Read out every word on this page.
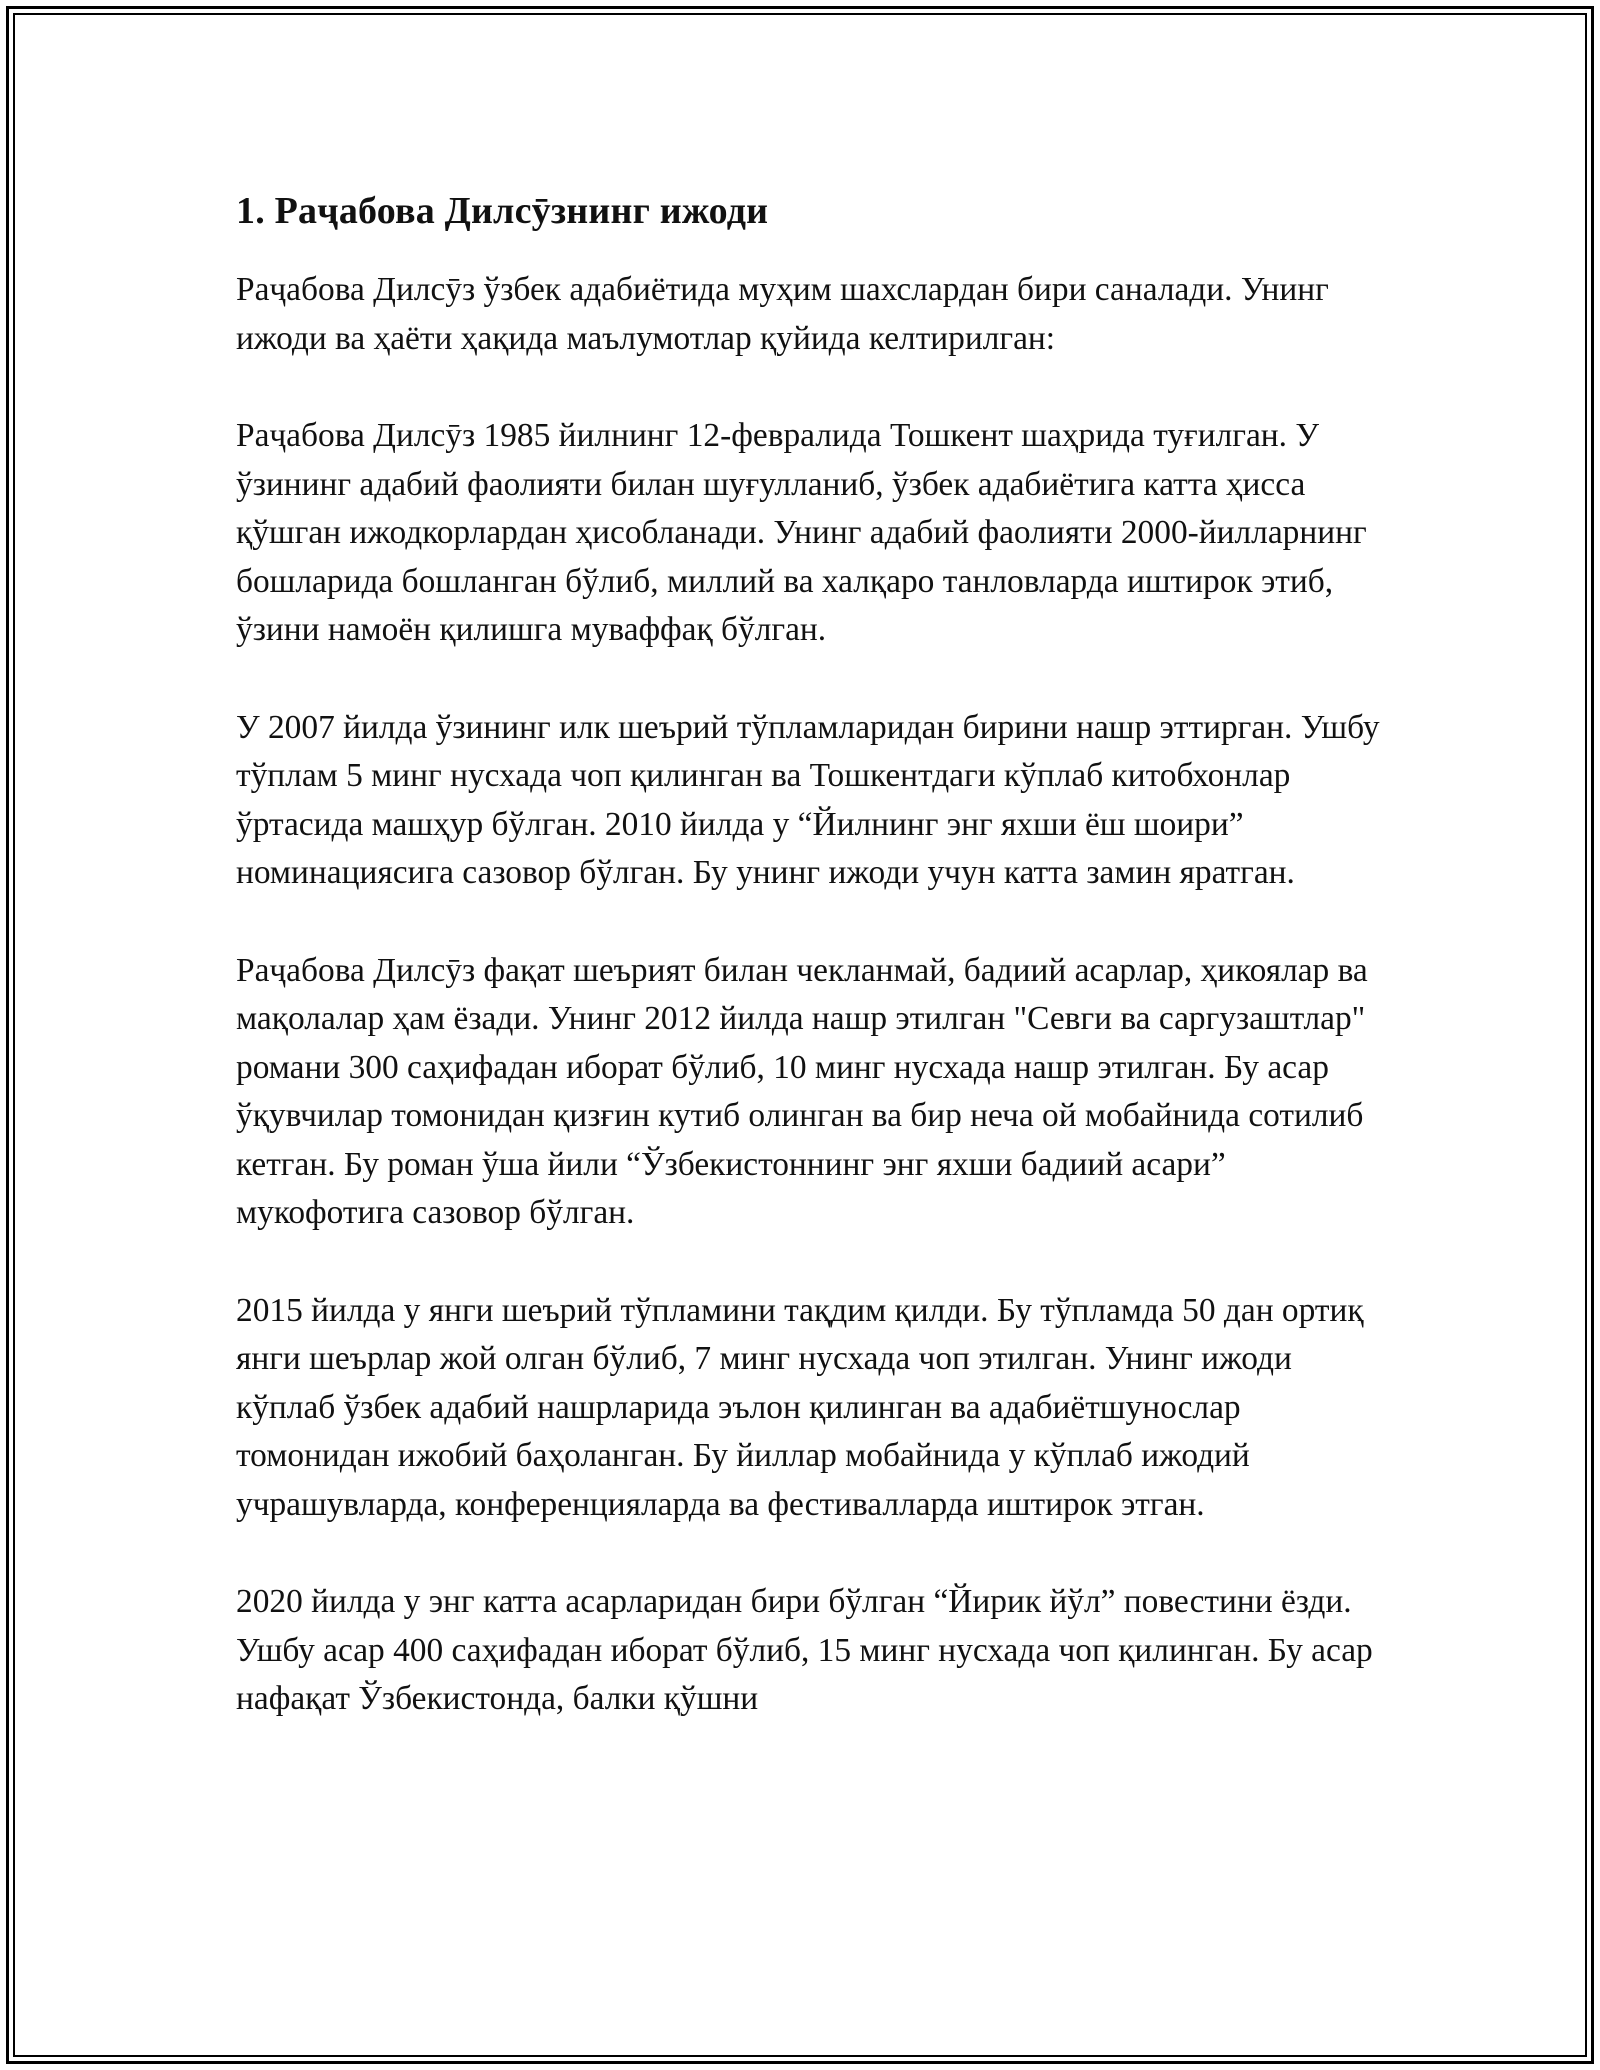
1. Раҷабова Дилсӯзнинг ижоди

Раҷабова Дилсӯз ўзбек адабиётида муҳим шахслардан бири саналади. Унинг ижоди ва ҳаёти ҳақида маълумотлар қуйида келтирилган:

Раҷабова Дилсӯз 1985 йилнинг 12-февралида Тошкент шаҳрида туғилган. У ўзининг адабий фаолияти билан шуғулланиб, ўзбек адабиётига катта ҳисса қўшган ижодкорлардан ҳисобланади. Унинг адабий фаолияти 2000-йилларнинг бошларида бошланган бўлиб, миллий ва халқаро танловларда иштирок этиб, ўзини намоён қилишга муваффақ бўлган.

У 2007 йилда ўзининг илк шеърий тўпламларидан бирини нашр эттирган. Ушбу тўплам 5 минг нусхада чоп қилинган ва Тошкентдаги кўплаб китобхонлар ўртасида машҳур бўлган. 2010 йилда у “Йилнинг энг яхши ёш шоири” номинациясига сазовор бўлган. Бу унинг ижоди учун катта замин яратган.

Раҷабова Дилсӯз фақат шеърият билан чекланмай, бадиий асарлар, ҳикоялар ва мақолалар ҳам ёзади. Унинг 2012 йилда нашр этилган "Севги ва саргузаштлар" романи 300 саҳифадан иборат бўлиб, 10 минг нусхада нашр этилган. Бу асар ўқувчилар томонидан қизғин кутиб олинган ва бир неча ой мобайнида сотилиб кетган. Бу роман ўша йили “Ўзбекистоннинг энг яхши бадиий асари” мукофотига сазовор бўлган.

2015 йилда у янги шеърий тўпламини тақдим қилди. Бу тўпламда 50 дан ортиқ янги шеърлар жой олган бўлиб, 7 минг нусхада чоп этилган. Унинг ижоди кўплаб ўзбек адабий нашрларида эълон қилинган ва адабиётшунослар томонидан ижобий баҳоланган. Бу йиллар мобайнида у кўплаб ижодий учрашувларда, конференцияларда ва фестивалларда иштирок этган.

2020 йилда у энг катта асарларидан бири бўлган “Йирик йўл” повестини ёзди. Ушбу асар 400 саҳифадан иборат бўлиб, 15 минг нусхада чоп қилинган. Бу асар нафақат Ўзбекистонда, балки қўшни
